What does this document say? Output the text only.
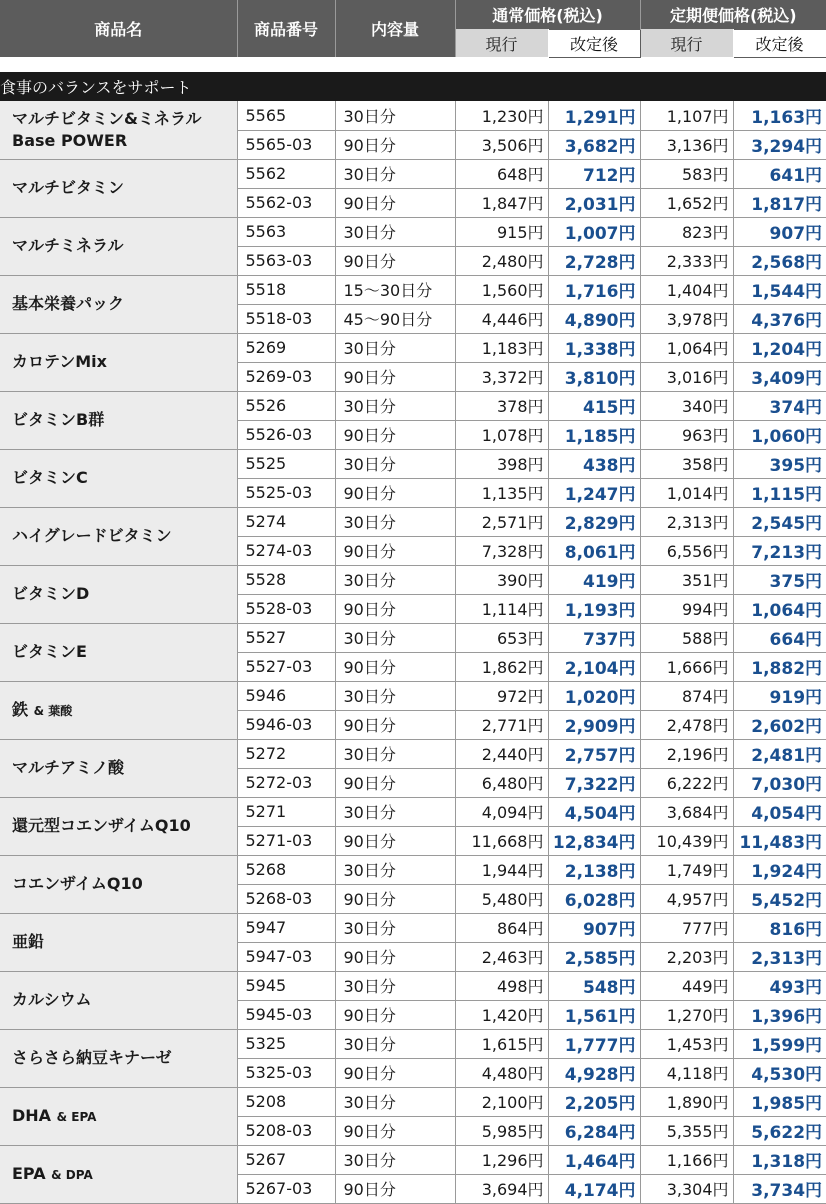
商品名	商品番号	内容量	通常価格(税込)		定期便価格(税込)	
			現行	改定後	現行	改定後

食事のバランスをサポート						
マルチビタミン&ミネラル
Base POWER	5565	30日分	1,230円	1,291円	1,107円	1,163円
	5565-03	90日分	3,506円	3,682円	3,136円	3,294円
マルチビタミン	5562	30日分	648円	712円	583円	641円
	5562-03	90日分	1,847円	2,031円	1,652円	1,817円
マルチミネラル	5563	30日分	915円	1,007円	823円	907円
	5563-03	90日分	2,480円	2,728円	2,333円	2,568円
基本栄養パック	5518	15〜30日分	1,560円	1,716円	1,404円	1,544円
	5518-03	45〜90日分	4,446円	4,890円	3,978円	4,376円
カロテンMix	5269	30日分	1,183円	1,338円	1,064円	1,204円
	5269-03	90日分	3,372円	3,810円	3,016円	3,409円
ビタミンB群	5526	30日分	378円	415円	340円	374円
	5526-03	90日分	1,078円	1,185円	963円	1,060円
ビタミンC	5525	30日分	398円	438円	358円	395円
	5525-03	90日分	1,135円	1,247円	1,014円	1,115円
ハイグレードビタミン	5274	30日分	2,571円	2,829円	2,313円	2,545円
	5274-03	90日分	7,328円	8,061円	6,556円	7,213円
ビタミンD	5528	30日分	390円	419円	351円	375円
	5528-03	90日分	1,114円	1,193円	994円	1,064円
ビタミンE	5527	30日分	653円	737円	588円	664円
	5527-03	90日分	1,862円	2,104円	1,666円	1,882円
鉄 & 葉酸	5946	30日分	972円	1,020円	874円	919円
	5946-03	90日分	2,771円	2,909円	2,478円	2,602円
マルチアミノ酸	5272	30日分	2,440円	2,757円	2,196円	2,481円
	5272-03	90日分	6,480円	7,322円	6,222円	7,030円
還元型コエンザイムQ10	5271	30日分	4,094円	4,504円	3,684円	4,054円
	5271-03	90日分	11,668円	12,834円	10,439円	11,483円
コエンザイムQ10	5268	30日分	1,944円	2,138円	1,749円	1,924円
	5268-03	90日分	5,480円	6,028円	4,957円	5,452円
亜鉛	5947	30日分	864円	907円	777円	816円
	5947-03	90日分	2,463円	2,585円	2,203円	2,313円
カルシウム	5945	30日分	498円	548円	449円	493円
	5945-03	90日分	1,420円	1,561円	1,270円	1,396円
さらさら納豆キナーゼ	5325	30日分	1,615円	1,777円	1,453円	1,599円
	5325-03	90日分	4,480円	4,928円	4,118円	4,530円
DHA & EPA	5208	30日分	2,100円	2,205円	1,890円	1,985円
	5208-03	90日分	5,985円	6,284円	5,355円	5,622円
EPA & DPA	5267	30日分	1,296円	1,464円	1,166円	1,318円
	5267-03	90日分	3,694円	4,174円	3,304円	3,734円
